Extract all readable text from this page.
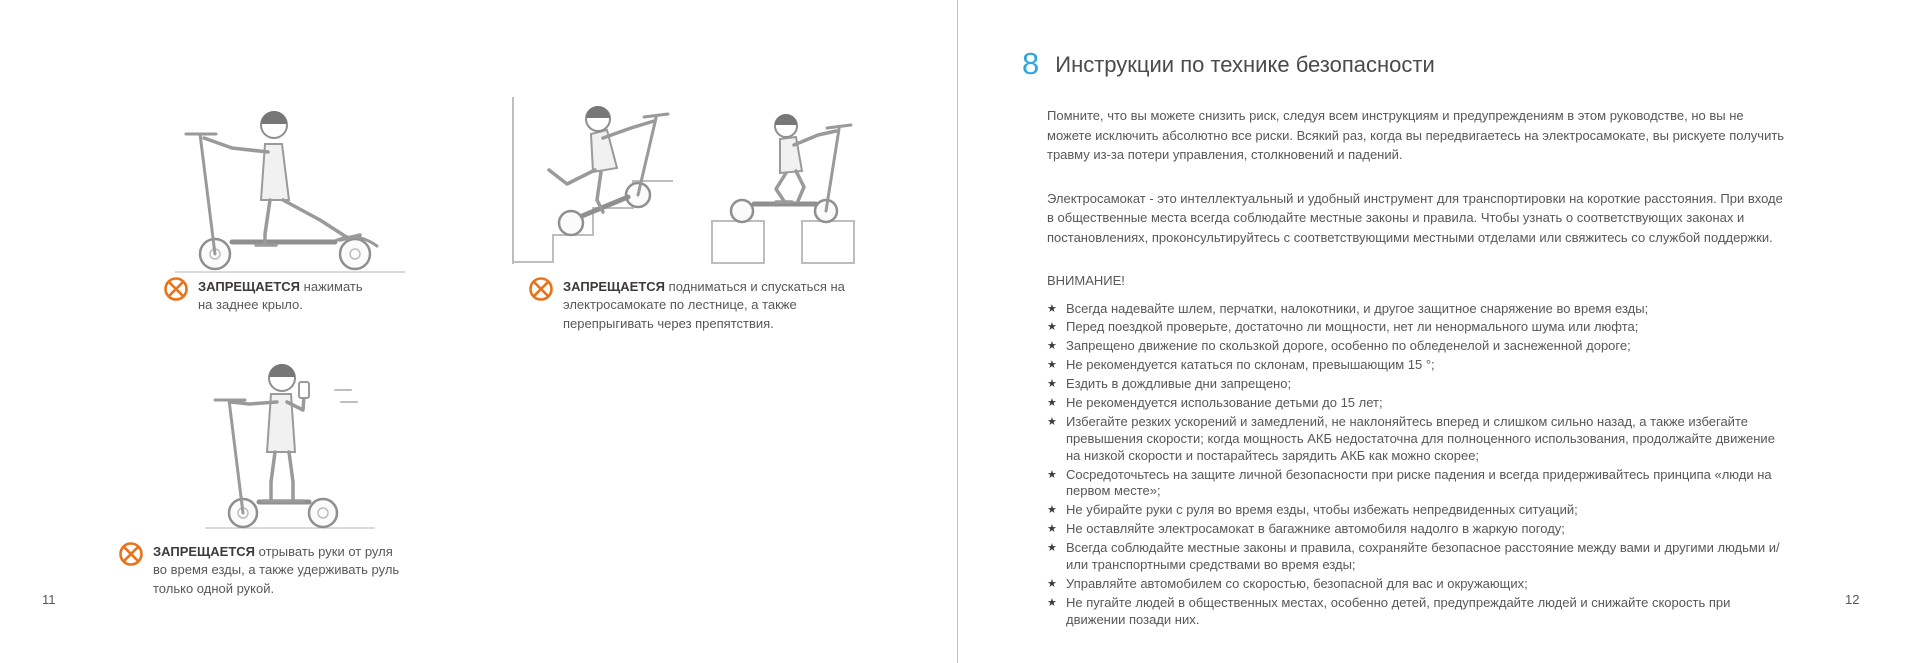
ЗАПРЕЩАЕТСЯ нажимать на заднее крыло.
ЗАПРЕЩАЕТСЯ подниматься и спускаться на электросамокате по лестнице, а также перепрыгивать через препятствия.
ЗАПРЕЩАЕТСЯ отрывать руки от руля во время езды, а также удерживать руль только одной рукой.
11
8 Инструкции по технике безопасности

Помните, что вы можете снизить риск, следуя всем инструкциям и предупреждениям в этом руководстве, но вы не можете исключить абсолютно все риски. Всякий раз, когда вы передвигаетесь на электросамокате, вы рискуете получить травму из-за потери управления, столкновений и падений.

Электросамокат - это интеллектуальный и удобный инструмент для транспортировки на короткие расстояния. При входе в общественные места всегда соблюдайте местные законы и правила. Чтобы узнать о соответствующих законах и постановлениях, проконсультируйтесь с соответствующими местными отделами или свяжитесь со службой поддержки.

ВНИМАНИЕ!

★ Всегда надевайте шлем, перчатки, налокотники, и другое защитное снаряжение во время езды;
★ Перед поездкой проверьте, достаточно ли мощности, нет ли ненормального шума или люфта;
★ Запрещено движение по скользкой дороге, особенно по обледенелой и заснеженной дороге;
★ Не рекомендуется кататься по склонам, превышающим 15 °;
★ Ездить в дождливые дни запрещено;
★ Не рекомендуется использование детьми до 15 лет;
★ Избегайте резких ускорений и замедлений, не наклоняйтесь вперед и слишком сильно назад, а также избегайте превышения скорости; когда мощность АКБ недостаточна для полноценного использования, продолжайте движение на низкой скорости и постарайтесь зарядить АКБ как можно скорее;
★ Сосредоточьтесь на защите личной безопасности при риске падения и всегда придерживайтесь принципа «люди на первом месте»;
★ Не убирайте руки с руля во время езды, чтобы избежать непредвиденных ситуаций;
★ Не оставляйте электросамокат в багажнике автомобиля надолго в жаркую погоду;
★ Всегда соблюдайте местные законы и правила, сохраняйте безопасное расстояние между вами и другими людьми и/или транспортными средствами во время езды;
★ Управляйте автомобилем со скоростью, безопасной для вас и окружающих;
★ Не пугайте людей в общественных местах, особенно детей, предупреждайте людей и снижайте скорость при движении позади них.
12
